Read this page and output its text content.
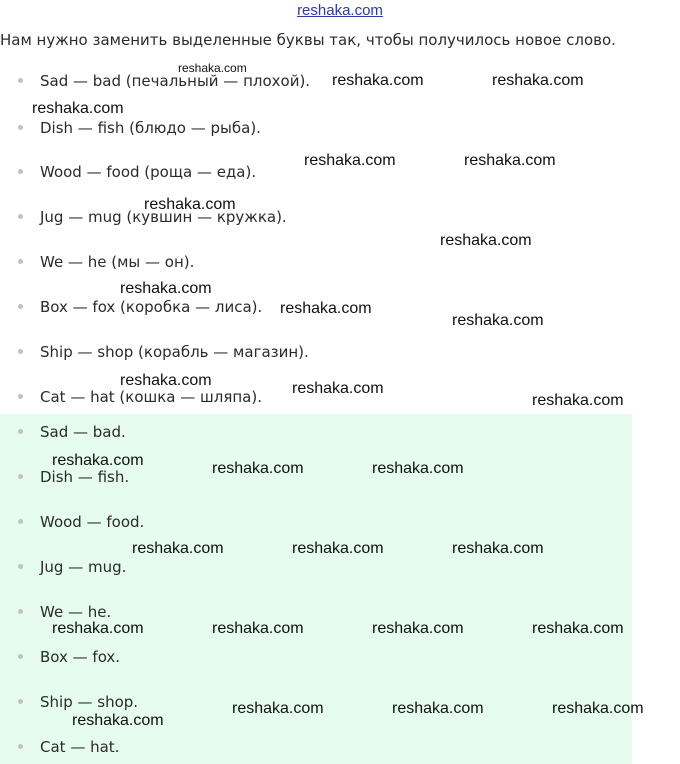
reshaka.com
Нам нужно заменить выделенные буквы так, чтобы получилось новое слово.
Sad — bad (печальный — плохой).
Dish — fish (блюдо — рыба).
Wood — food (роща — еда).
Jug — mug (кувшин — кружка).
We — he (мы — он).
Box — fox (коробка — лиса).
Ship — shop (корабль — магазин).
Cat — hat (кошка — шляпа).
Sad — bad.
Dish — fish.
Wood — food.
Jug — mug.
We — he.
Box — fox.
Ship — shop.
Cat — hat.
reshaka.com
reshaka.com	reshaka.com
reshaka.com
reshaka.com	reshaka.com
reshaka.com
reshaka.com
reshaka.com
reshaka.com
reshaka.com
reshaka.com	reshaka.com
reshaka.com
reshaka.com	reshaka.com	reshaka.com
reshaka.com	reshaka.com	reshaka.com
reshaka.com	reshaka.com	reshaka.com	reshaka.com
reshaka.com	reshaka.com	reshaka.com
reshaka.com
